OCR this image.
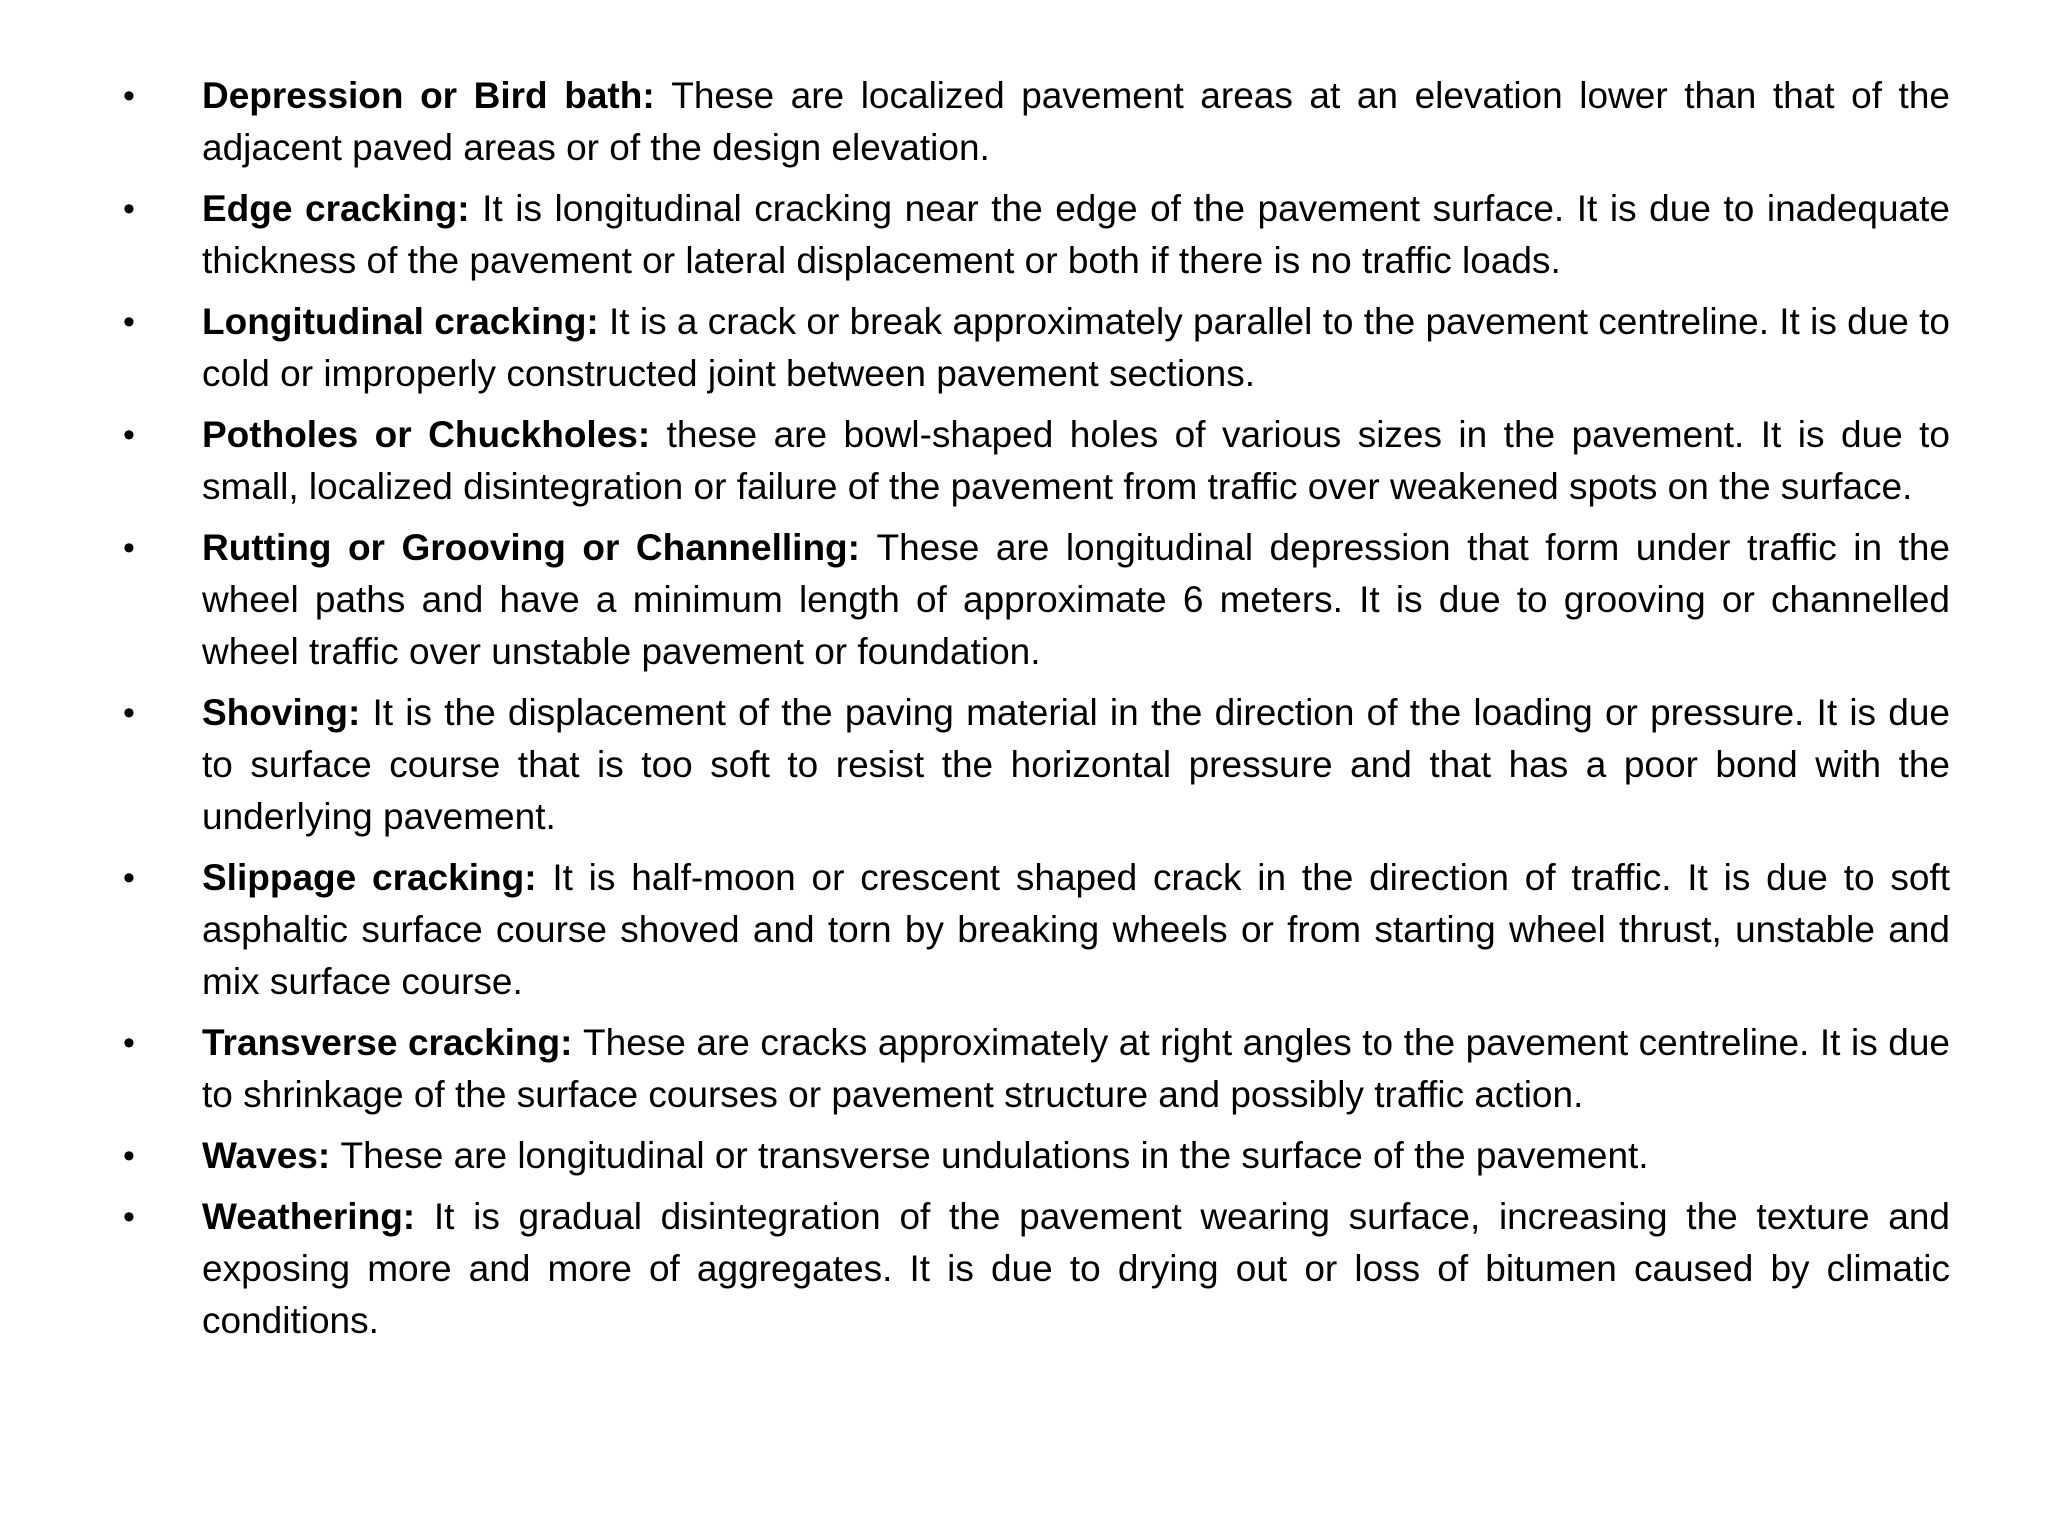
• Depression or Bird bath: These are localized pavement areas at an elevation lower than that of the adjacent paved areas or of the design elevation.
• Edge cracking: It is longitudinal cracking near the edge of the pavement surface. It is due to inadequate thickness of the pavement or lateral displacement or both if there is no traffic loads.
• Longitudinal cracking: It is a crack or break approximately parallel to the pavement centreline. It is due to cold or improperly constructed joint between pavement sections.
• Potholes or Chuckholes: these are bowl-shaped holes of various sizes in the pavement. It is due to small, localized disintegration or failure of the pavement from traffic over weakened spots on the surface.
• Rutting or Grooving or Channelling: These are longitudinal depression that form under traffic in the wheel paths and have a minimum length of approximate 6 meters. It is due to grooving or channelled wheel traffic over unstable pavement or foundation.
• Shoving: It is the displacement of the paving material in the direction of the loading or pressure. It is due to surface course that is too soft to resist the horizontal pressure and that has a poor bond with the underlying pavement.
• Slippage cracking: It is half-moon or crescent shaped crack in the direction of traffic. It is due to soft asphaltic surface course shoved and torn by breaking wheels or from starting wheel thrust, unstable and mix surface course.
• Transverse cracking: These are cracks approximately at right angles to the pavement centreline. It is due to shrinkage of the surface courses or pavement structure and possibly traffic action.
• Waves: These are longitudinal or transverse undulations in the surface of the pavement.
• Weathering: It is gradual disintegration of the pavement wearing surface, increasing the texture and exposing more and more of aggregates. It is due to drying out or loss of bitumen caused by climatic conditions.
